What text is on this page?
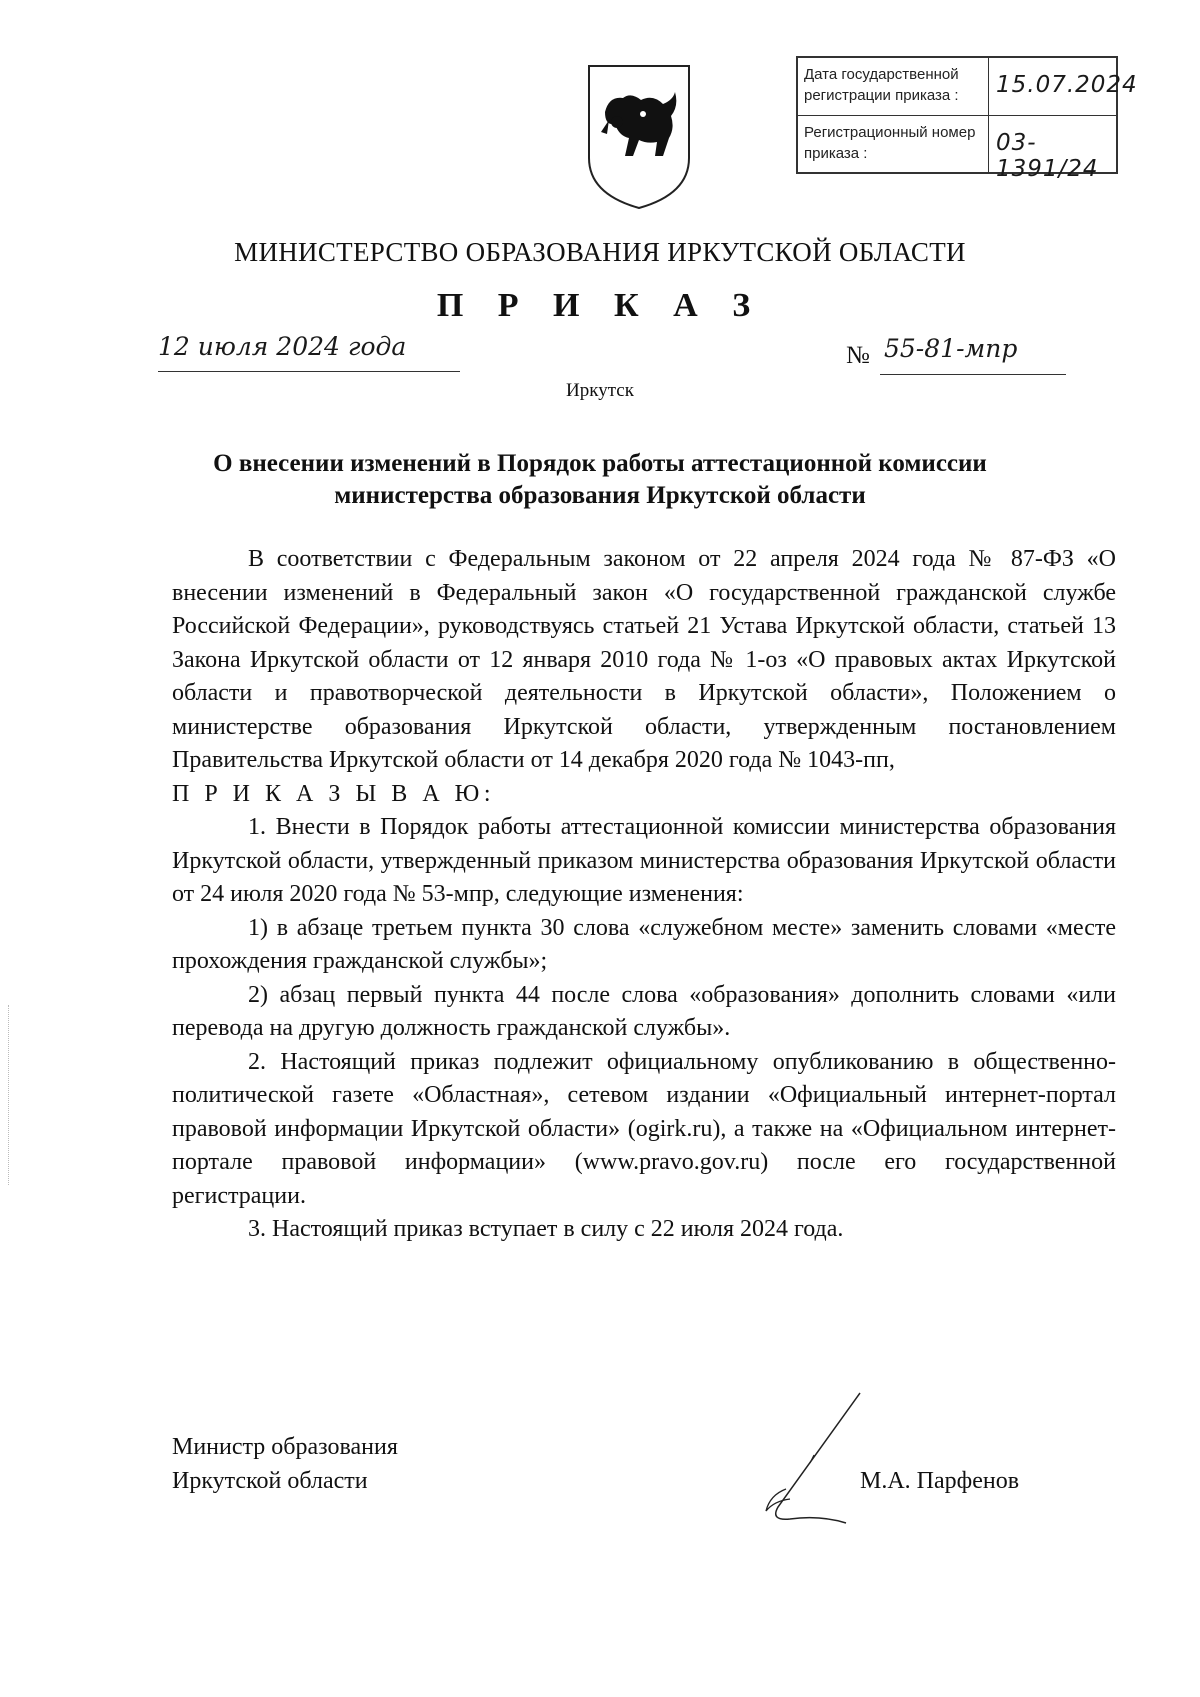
Дата государственной регистрации приказа :	15.07.2024
Регистрационный номер приказа :	03-1391/24
МИНИСТЕРСТВО ОБРАЗОВАНИЯ ИРКУТСКОЙ ОБЛАСТИ
П Р И К А З
12 июля 2024 года	№ 55-81-мпр
Иркутск
О внесении изменений в Порядок работы аттестационной комиссии министерства образования Иркутской области

В соответствии с Федеральным законом от 22 апреля 2024 года № 87-ФЗ «О внесении изменений в Федеральный закон «О государственной гражданской службе Российской Федерации», руководствуясь статьей 21 Устава Иркутской области, статьей 13 Закона Иркутской области от 12 января 2010 года № 1-оз «О правовых актах Иркутской области и правотворческой деятельности в Иркутской области», Положением о министерстве образования Иркутской области, утвержденным постановлением Правительства Иркутской области от 14 декабря 2020 года № 1043-пп,

П Р И К А З Ы В А Ю:

1. Внести в Порядок работы аттестационной комиссии министерства образования Иркутской области, утвержденный приказом министерства образования Иркутской области от 24 июля 2020 года № 53-мпр, следующие изменения:

1) в абзаце третьем пункта 30 слова «служебном месте» заменить словами «месте прохождения гражданской службы»;

2) абзац первый пункта 44 после слова «образования» дополнить словами «или перевода на другую должность гражданской службы».

2. Настоящий приказ подлежит официальному опубликованию в общественно-политической газете «Областная», сетевом издании «Официальный интернет-портал правовой информации Иркутской области» (ogirk.ru), а также на «Официальном интернет-портале правовой информации» (www.pravo.gov.ru) после его государственной регистрации.

3. Настоящий приказ вступает в силу с 22 июля 2024 года.

Министр образования
Иркутской области	М.А. Парфенов
